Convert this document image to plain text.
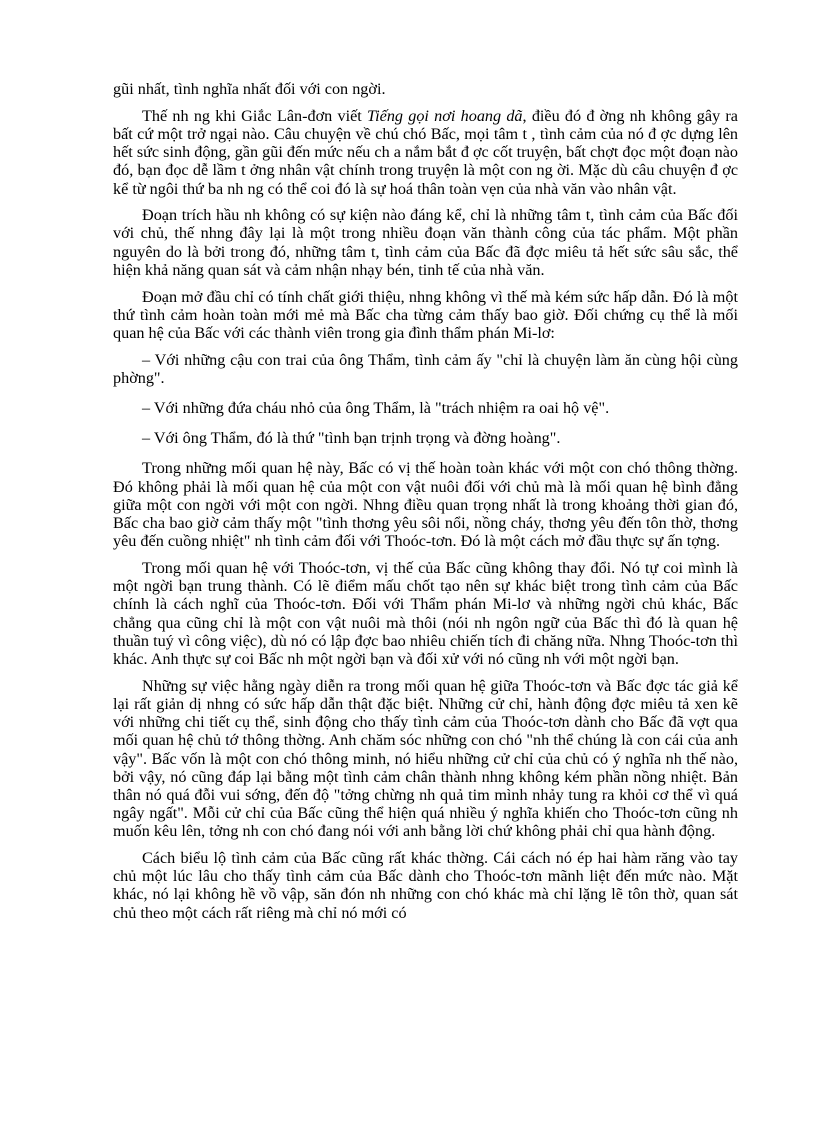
gũi nhất, tình nghĩa nhất đối với con ngời.

Thế nh ng khi Giắc Lân-đơn viết Tiếng gọi nơi hoang dã, điều đó đ ờng nh không gây ra bất cứ một trở ngại nào. Câu chuyện về chú chó Bấc, mọi tâm t , tình cảm của nó đ ợc dựng lên hết sức sinh động, gần gũi đến mức nếu ch a nắm bắt đ ợc cốt truyện, bất chợt đọc một đoạn nào đó, bạn đọc dễ lầm t ởng nhân vật chính trong truyện là một con ng ời. Mặc dù câu chuyện đ ợc kể từ ngôi thứ ba nh ng có thể coi đó là sự hoá thân toàn vẹn của nhà văn vào nhân vật.

Đoạn trích hầu nh không có sự kiện nào đáng kể, chỉ là những tâm t, tình cảm của Bấc đối với chủ, thế nhng đây lại là một trong nhiều đoạn văn thành công của tác phẩm. Một phần nguyên do là bởi trong đó, những tâm t, tình cảm của Bấc đã đợc miêu tả hết sức sâu sắc, thể hiện khả năng quan sát và cảm nhận nhạy bén, tinh tế của nhà văn.

Đoạn mở đầu chỉ có tính chất giới thiệu, nhng không vì thế mà kém sức hấp dẫn. Đó là một thứ tình cảm hoàn toàn mới mẻ mà Bấc cha từng cảm thấy bao giờ. Đối chứng cụ thể là mối quan hệ của Bấc với các thành viên trong gia đình thẩm phán Mi-lơ:

– Với những cậu con trai của ông Thẩm, tình cảm ấy "chỉ là chuyện làm ăn cùng hội cùng phờng".

– Với những đứa cháu nhỏ của ông Thẩm, là "trách nhiệm ra oai hộ vệ".

– Với ông Thẩm, đó là thứ "tình bạn trịnh trọng và đờng hoàng".

Trong những mối quan hệ này, Bấc có vị thế hoàn toàn khác với một con chó thông thờng. Đó không phải là mối quan hệ của một con vật nuôi đối với chủ mà là mối quan hệ bình đẳng giữa một con ngời với một con ngời. Nhng điều quan trọng nhất là trong khoảng thời gian đó, Bấc cha bao giờ cảm thấy một "tình thơng yêu sôi nổi, nồng cháy, thơng yêu đến tôn thờ, thơng yêu đến cuồng nhiệt" nh tình cảm đối với Thoóc-tơn. Đó là một cách mở đầu thực sự ấn tợng.

Trong mối quan hệ với Thoóc-tơn, vị thế của Bấc cũng không thay đổi. Nó tự coi mình là một ngời bạn trung thành. Có lẽ điểm mấu chốt tạo nên sự khác biệt trong tình cảm của Bấc chính là cách nghĩ của Thoóc-tơn. Đối với Thẩm phán Mi-lơ và những ngời chủ khác, Bấc chẳng qua cũng chỉ là một con vật nuôi mà thôi (nói nh ngôn ngữ của Bấc thì đó là quan hệ thuần tuý vì công việc), dù nó có lập đợc bao nhiêu chiến tích đi chăng nữa. Nhng Thoóc-tơn thì khác. Anh thực sự coi Bấc nh một ngời bạn và đối xử với nó cũng nh với một ngời bạn.

Những sự việc hằng ngày diễn ra trong mối quan hệ giữa Thoóc-tơn và Bấc đợc tác giả kể lại rất giản dị nhng có sức hấp dẫn thật đặc biệt. Những cử chỉ, hành động đợc miêu tả xen kẽ với những chi tiết cụ thể, sinh động cho thấy tình cảm của Thoóc-tơn dành cho Bấc đã vợt qua mối quan hệ chủ tớ thông thờng. Anh chăm sóc những con chó "nh thể chúng là con cái của anh vậy". Bấc vốn là một con chó thông minh, nó hiểu những cử chỉ của chủ có ý nghĩa nh thế nào, bởi vậy, nó cũng đáp lại bằng một tình cảm chân thành nhng không kém phần nồng nhiệt. Bản thân nó quá đỗi vui sớng, đến độ "tởng chừng nh quả tim mình nhảy tung ra khỏi cơ thể vì quá ngây ngất". Mỗi cử chỉ của Bấc cũng thể hiện quá nhiều ý nghĩa khiến cho Thoóc-tơn cũng nh muốn kêu lên, tởng nh con chó đang nói với anh bằng lời chứ không phải chỉ qua hành động.

Cách biểu lộ tình cảm của Bấc cũng rất khác thờng. Cái cách nó ép hai hàm răng vào tay chủ một lúc lâu cho thấy tình cảm của Bấc dành cho Thoóc-tơn mãnh liệt đến mức nào. Mặt khác, nó lại không hề vồ vập, săn đón nh những con chó khác mà chỉ lặng lẽ tôn thờ, quan sát chủ theo một cách rất riêng mà chỉ nó mới có
